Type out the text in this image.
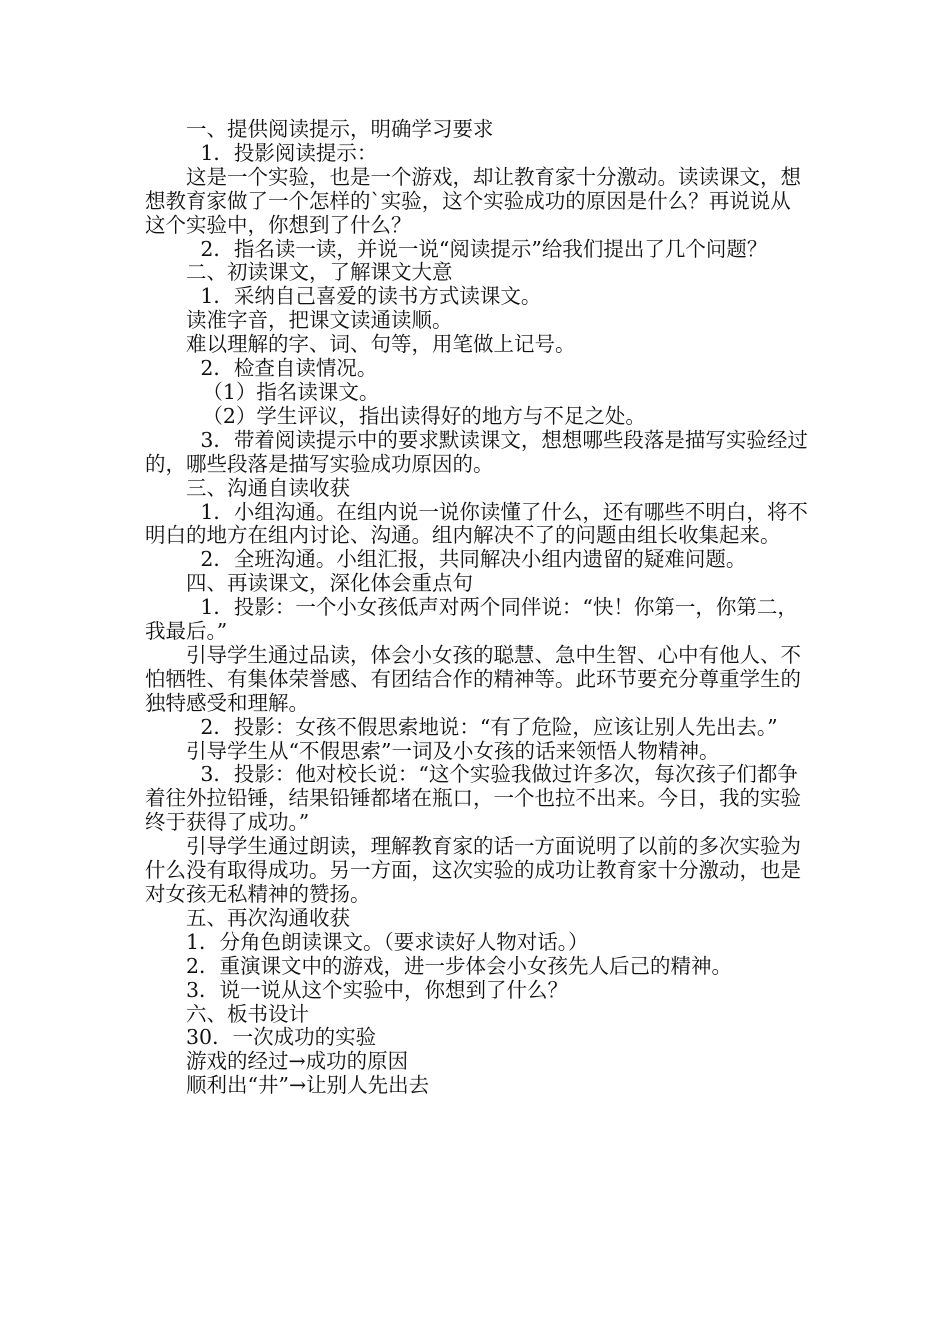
一、提供阅读提示，明确学习要求

1．投影阅读提示：

这是一个实验，也是一个游戏，却让教育家十分激动。读读课文，想想教育家做了一个怎样的`实验，这个实验成功的原因是什么？再说说从这个实验中，你想到了什么？

2．指名读一读，并说一说“阅读提示”给我们提出了几个问题？

二、初读课文，了解课文大意

1．采纳自己喜爱的读书方式读课文。

读准字音，把课文读通读顺。

难以理解的字、词、句等，用笔做上记号。

2．检查自读情况。

（1）指名读课文。

（2）学生评议，指出读得好的地方与不足之处。

3．带着阅读提示中的要求默读课文，想想哪些段落是描写实验经过的，哪些段落是描写实验成功原因的。

三、沟通自读收获

1．小组沟通。在组内说一说你读懂了什么，还有哪些不明白，将不明白的地方在组内讨论、沟通。组内解决不了的问题由组长收集起来。

2．全班沟通。小组汇报，共同解决小组内遗留的疑难问题。

四、再读课文，深化体会重点句

1．投影：一个小女孩低声对两个同伴说：“快！你第一，你第二，我最后。”

引导学生通过品读，体会小女孩的聪慧、急中生智、心中有他人、不怕牺牲、有集体荣誉感、有团结合作的精神等。此环节要充分尊重学生的独特感受和理解。

2．投影：女孩不假思索地说：“有了危险，应该让别人先出去。”

引导学生从“不假思索”一词及小女孩的话来领悟人物精神。

3．投影：他对校长说：“这个实验我做过许多次，每次孩子们都争着往外拉铅锤，结果铅锤都堵在瓶口，一个也拉不出来。今日，我的实验终于获得了成功。”

引导学生通过朗读，理解教育家的话一方面说明了以前的多次实验为什么没有取得成功。另一方面，这次实验的成功让教育家十分激动，也是对女孩无私精神的赞扬。

五、再次沟通收获

1．分角色朗读课文。（要求读好人物对话。）

2．重演课文中的游戏，进一步体会小女孩先人后己的精神。

3．说一说从这个实验中，你想到了什么？

六、板书设计

30．一次成功的实验

游戏的经过→成功的原因

顺利出“井”→让别人先出去
